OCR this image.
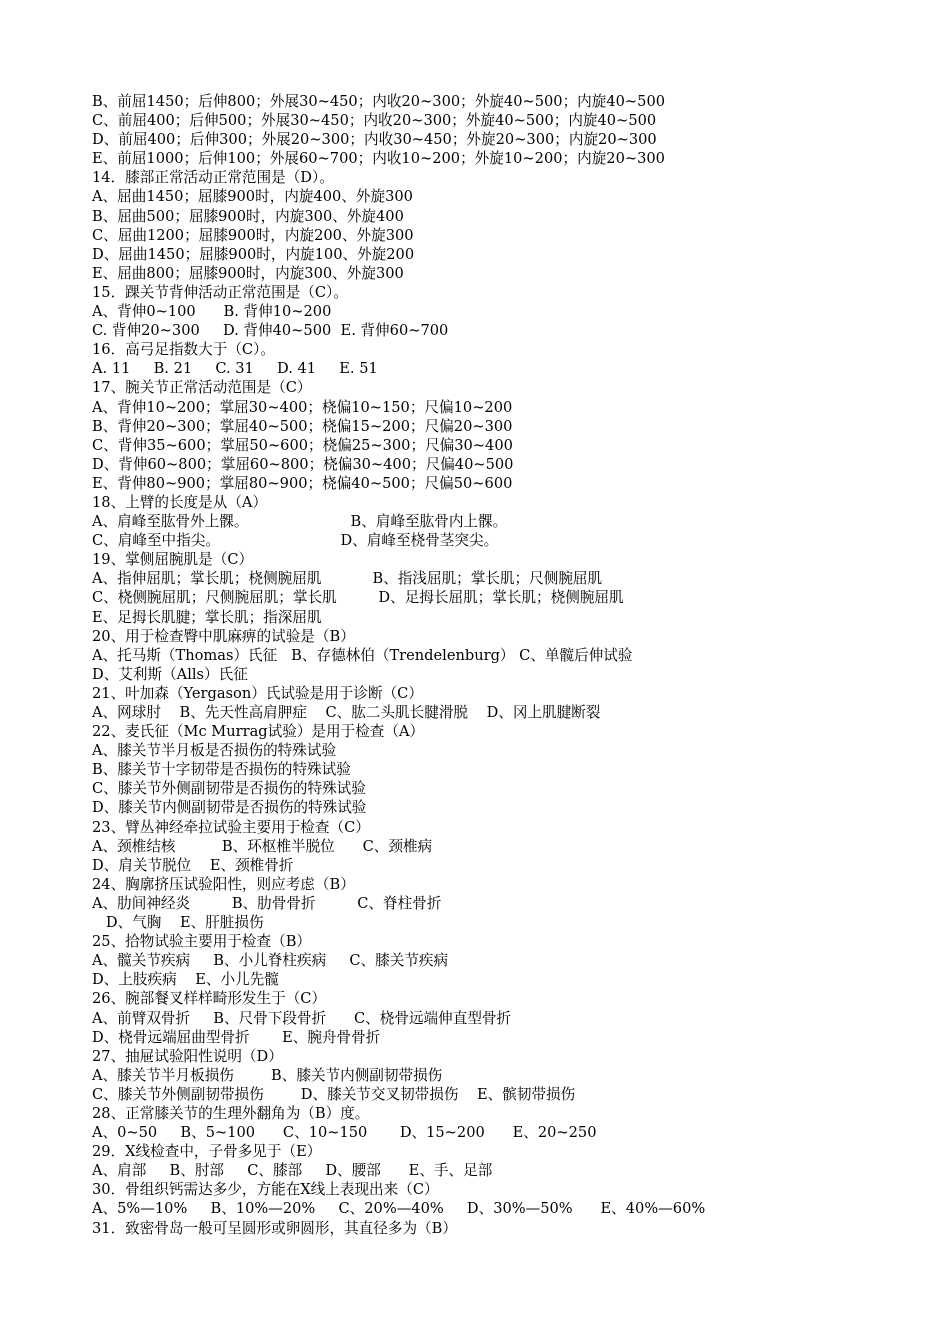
B、前屈1450；后伸800；外展30~450；内收20~300；外旋40~500；内旋40~500
C、前屈400；后伸500；外展30~450；内收20~300；外旋40~500；内旋40~500
D、前屈400；后伸300；外展20~300；内收30~450；外旋20~300；内旋20~300
E、前屈1000；后伸100；外展60~700；内收10~200；外旋10~200；内旋20~300
14．膝部正常活动正常范围是（D）。
A、屈曲1450；屈膝900时，内旋400、外旋300
B、屈曲500；屈膝900时，内旋300、外旋400
C、屈曲1200；屈膝900时，内旋200、外旋300
D、屈曲1450；屈膝900时，内旋100、外旋200
E、屈曲800；屈膝900时，内旋300、外旋300
15．踝关节背伸活动正常范围是（C）。
A、背伸0~100      B. 背伸10~200
C. 背伸20~300     D. 背伸40~500  E. 背伸60~700
16．高弓足指数大于（C）。
A. 11     B. 21     C. 31     D. 41     E. 51
17、腕关节正常活动范围是（C）
A、背伸10~200；掌屈30~400；桡偏10~150；尺偏10~200
B、背伸20~300；掌屈40~500；桡偏15~200；尺偏20~300
C、背伸35~600；掌屈50~600；桡偏25~300；尺偏30~400
D、背伸60~800；掌屈60~800；桡偏30~400；尺偏40~500
E、背伸80~900；掌屈80~900；桡偏40~500；尺偏50~600
18、上臂的长度是从（A）
A、肩峰至肱骨外上髁。                      B、肩峰至肱骨内上髁。
C、肩峰至中指尖。                          D、肩峰至桡骨茎突尖。
19、掌侧屈腕肌是（C）
A、指伸屈肌；掌长肌；桡侧腕屈肌           B、指浅屈肌；掌长肌；尺侧腕屈肌
C、桡侧腕屈肌；尺侧腕屈肌；掌长肌         D、足拇长屈肌；掌长肌；桡侧腕屈肌
E、足拇长肌腱；掌长肌；指深屈肌
20、用于检查臀中肌麻痹的试验是（B）
A、托马斯（Thomas）氏征   B、存德林伯（Trendelenburg） C、单髋后伸试验
D、艾利斯（Alls）氏征
21、叶加森（Yergason）氏试验是用于诊断（C）
A、网球肘    B、先天性高肩胛症    C、肱二头肌长腱滑脱    D、冈上肌腱断裂
22、麦氏征（Mc Murrag试验）是用于检查（A）
A、膝关节半月板是否损伤的特殊试验
B、膝关节十字韧带是否损伤的特殊试验
C、膝关节外侧副韧带是否损伤的特殊试验
D、膝关节内侧副韧带是否损伤的特殊试验
23、臂丛神经牵拉试验主要用于检查（C）
A、颈椎结核          B、环枢椎半脱位      C、颈椎病
D、肩关节脱位    E、颈椎骨折
24、胸廓挤压试验阳性，则应考虑（B）
A、肋间神经炎         B、肋骨骨折         C、脊柱骨折
D、气胸    E、肝脏损伤
25、拾物试验主要用于检查（B）
A、髋关节疾病     B、小儿脊柱疾病     C、膝关节疾病
D、上肢疾病    E、小儿先髋
26、腕部餐叉样样畸形发生于（C）
A、前臂双骨折     B、尺骨下段骨折      C、桡骨远端伸直型骨折
D、桡骨远端屈曲型骨折       E、腕舟骨骨折
27、抽屉试验阳性说明（D）
A、膝关节半月板损伤        B、膝关节内侧副韧带损伤
C、膝关节外侧副韧带损伤        D、膝关节交叉韧带损伤    E、髌韧带损伤
28、正常膝关节的生理外翻角为（B）度。
A、0~50     B、5~100      C、10~150       D、15~200      E、20~250
29．X线检查中，子骨多见于（E）
A、肩部     B、肘部     C、膝部     D、腰部      E、手、足部
30．骨组织钙需达多少，方能在X线上表现出来（C）
A、5%—10%     B、10%—20%     C、20%—40%     D、30%—50%      E、40%—60%
31．致密骨岛一般可呈圆形或卵圆形，其直径多为（B）
